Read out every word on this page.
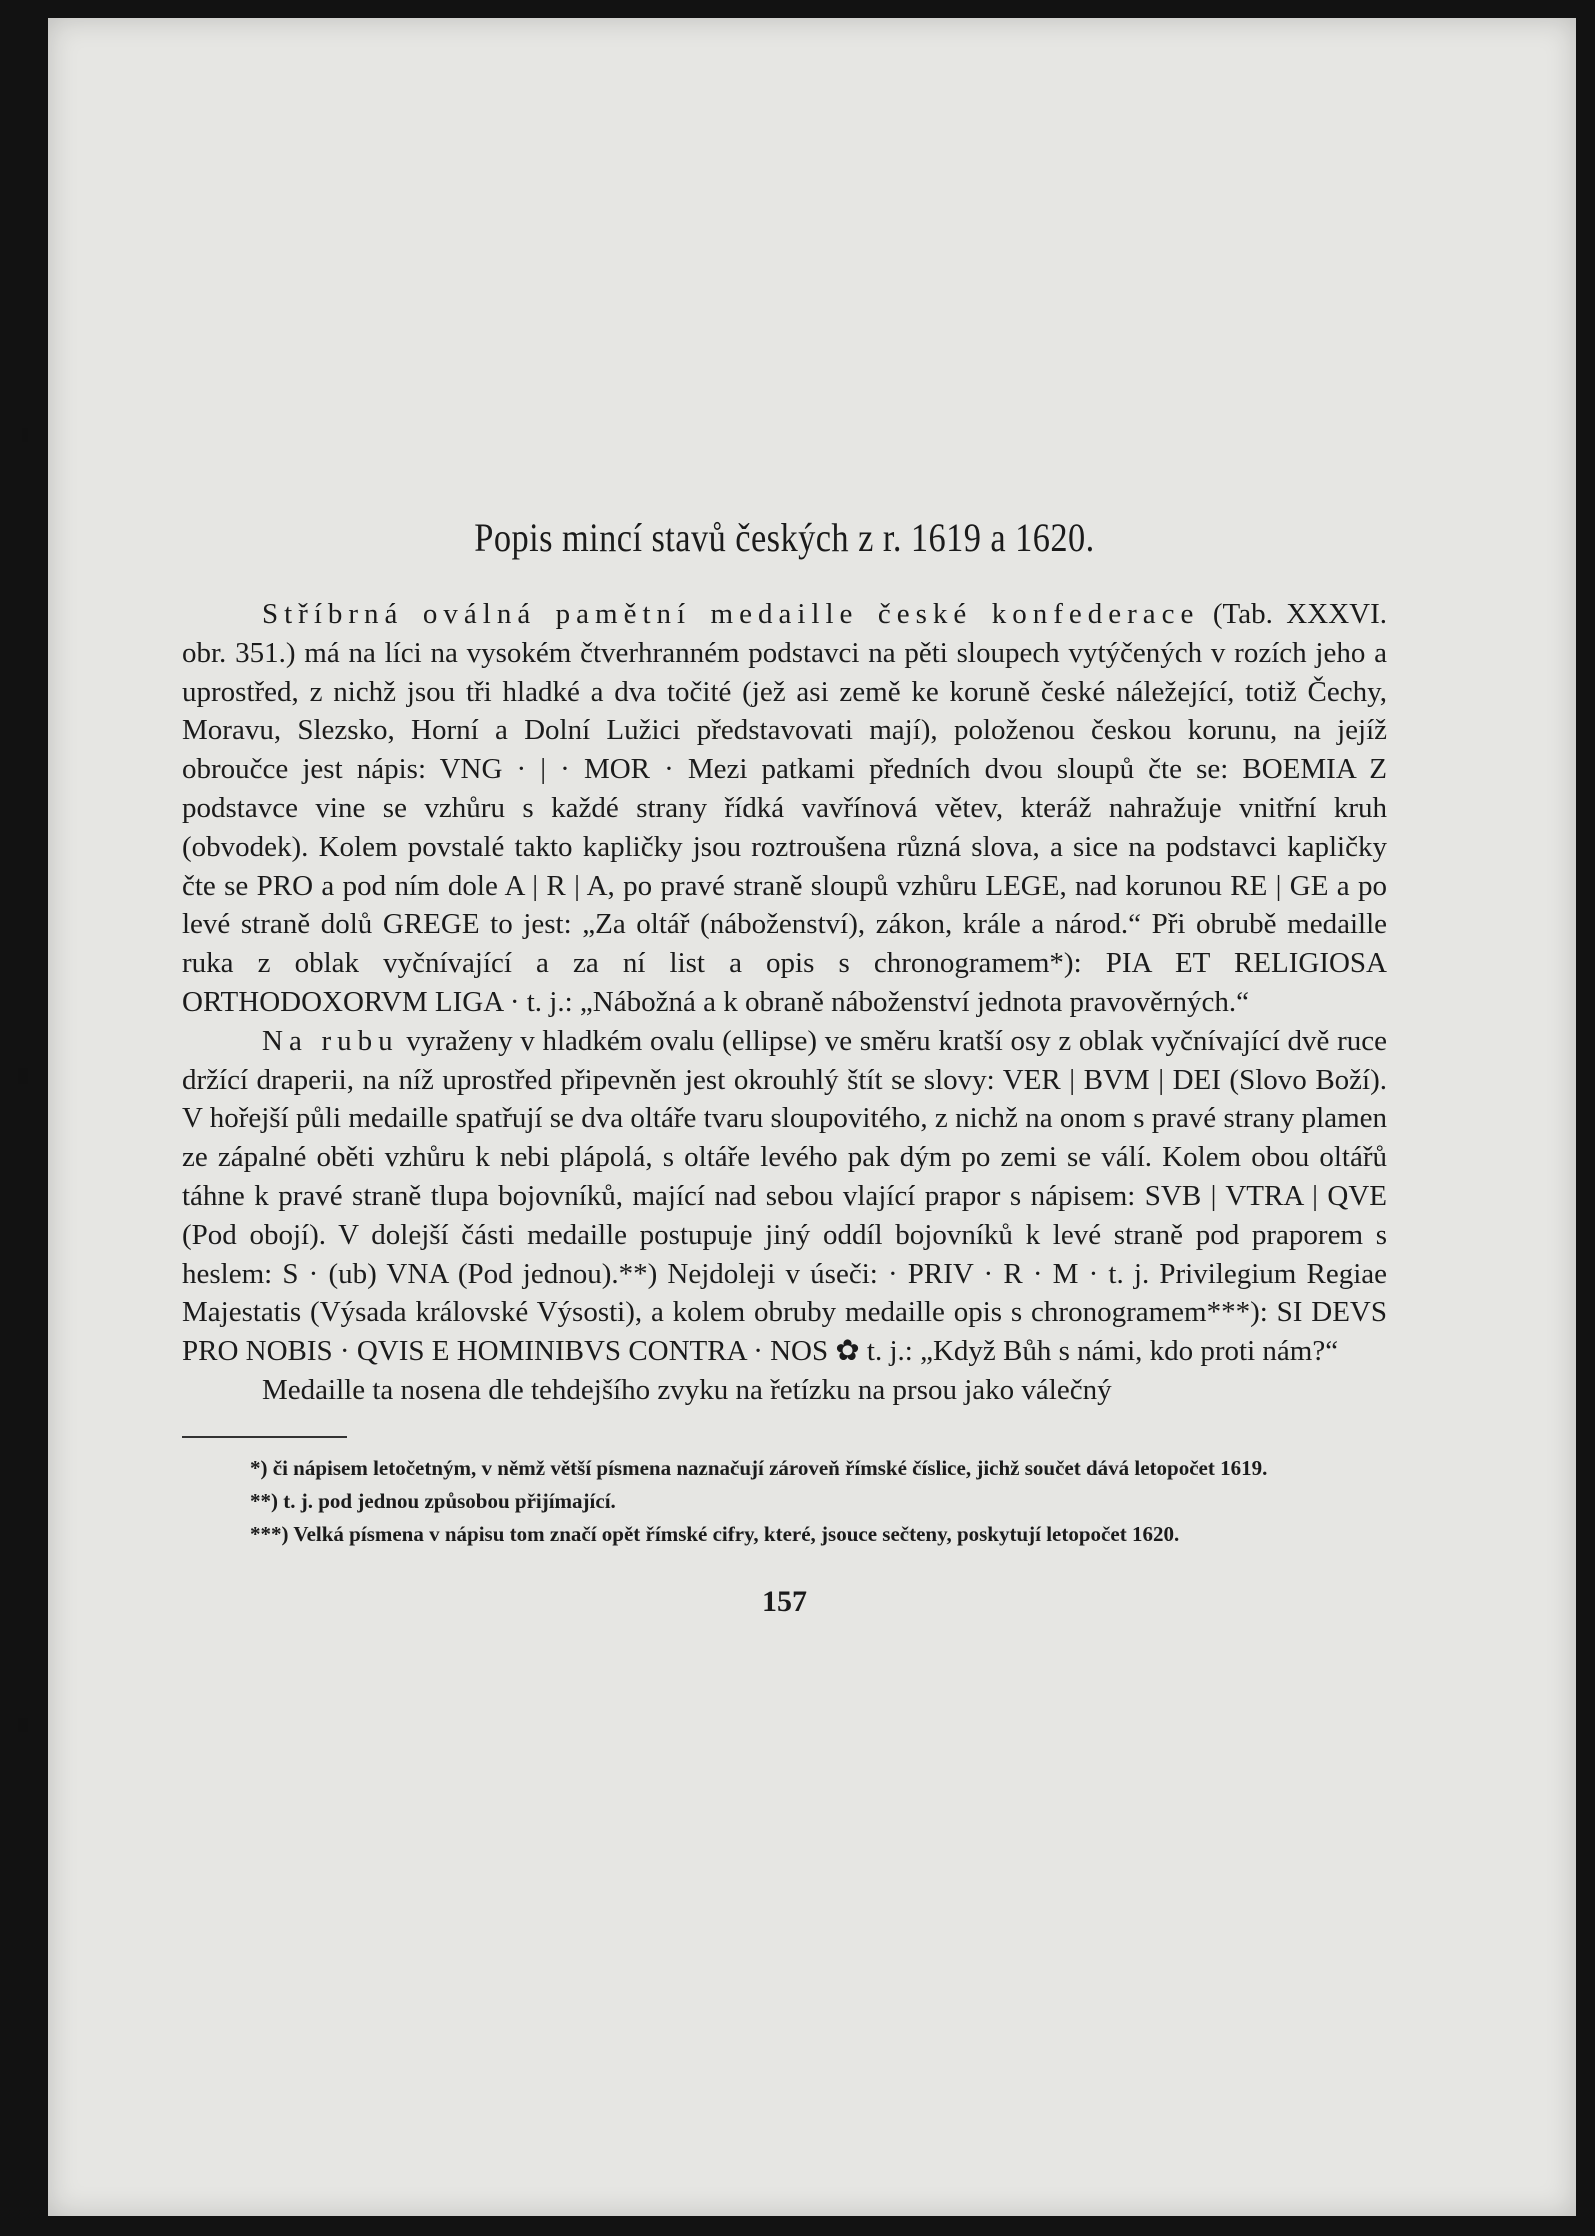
Popis mincí stavů českých z r. 1619 a 1620.

Stříbrná oválná pamětní medaille české konfederace (Tab. XXXVI. obr. 351.) má na líci na vysokém čtverhranném podstavci na pěti sloupech vytýčených v rozích jeho a uprostřed, z nichž jsou tři hladké a dva točité (jež asi země ke koruně české náležející, totiž Čechy, Moravu, Slezsko, Horní a Dolní Lužici představovati mají), položenou českou korunu, na jejíž obroučce jest nápis: VNG · | · MOR · Mezi patkami předních dvou sloupů čte se: BOEMIA Z podstavce vine se vzhůru s každé strany řídká vavřínová větev, kteráž nahražuje vnitřní kruh (obvodek). Kolem povstalé takto kapličky jsou roztroušena různá slova, a sice na podstavci kapličky čte se PRO a pod ním dole A | R | A, po pravé straně sloupů vzhůru LEGE, nad korunou RE | GE a po levé straně dolů GREGE to jest: „Za oltář (náboženství), zákon, krále a národ.“ Při obrubě medaille ruka z oblak vyčnívající a za ní list a opis s chronogramem*): PIA ET RELIGIOSA ORTHODOXORVM LIGA · t. j.: „Nábožná a k obraně náboženství jednota pravověrných.“

Na rubu vyraženy v hladkém ovalu (ellipse) ve směru kratší osy z oblak vyčnívající dvě ruce držící draperii, na níž uprostřed připevněn jest okrouhlý štít se slovy: VER | BVM | DEI (Slovo Boží). V hořejší půli medaille spatřují se dva oltáře tvaru sloupovitého, z nichž na onom s pravé strany plamen ze zápalné oběti vzhůru k nebi plápolá, s oltáře levého pak dým po zemi se válí. Kolem obou oltářů táhne k pravé straně tlupa bojovníků, mající nad sebou vlající prapor s nápisem: SVB | VTRA | QVE (Pod obojí). V dolejší části medaille postupuje jiný oddíl bojovníků k levé straně pod praporem s heslem: S · (ub) VNA (Pod jednou).**) Nejdoleji v úseči: · PRIV · R · M · t. j. Privilegium Regiae Majestatis (Výsada královské Výsosti), a kolem obruby medaille opis s chronogramem***): SI DEVS PRO NOBIS · QVIS E HOMINIBVS CONTRA · NOS ✿ t. j.: „Když Bůh s námi, kdo proti nám?“

Medaille ta nosena dle tehdejšího zvyku na řetízku na prsou jako válečný

*) či nápisem letočetným, v němž větší písmena naznačují zároveň římské číslice, jichž součet dává letopočet 1619.

**) t. j. pod jednou způsobou přijímající.

***) Velká písmena v nápisu tom značí opět římské cifry, které, jsouce sečteny, poskytují letopočet 1620.

157
